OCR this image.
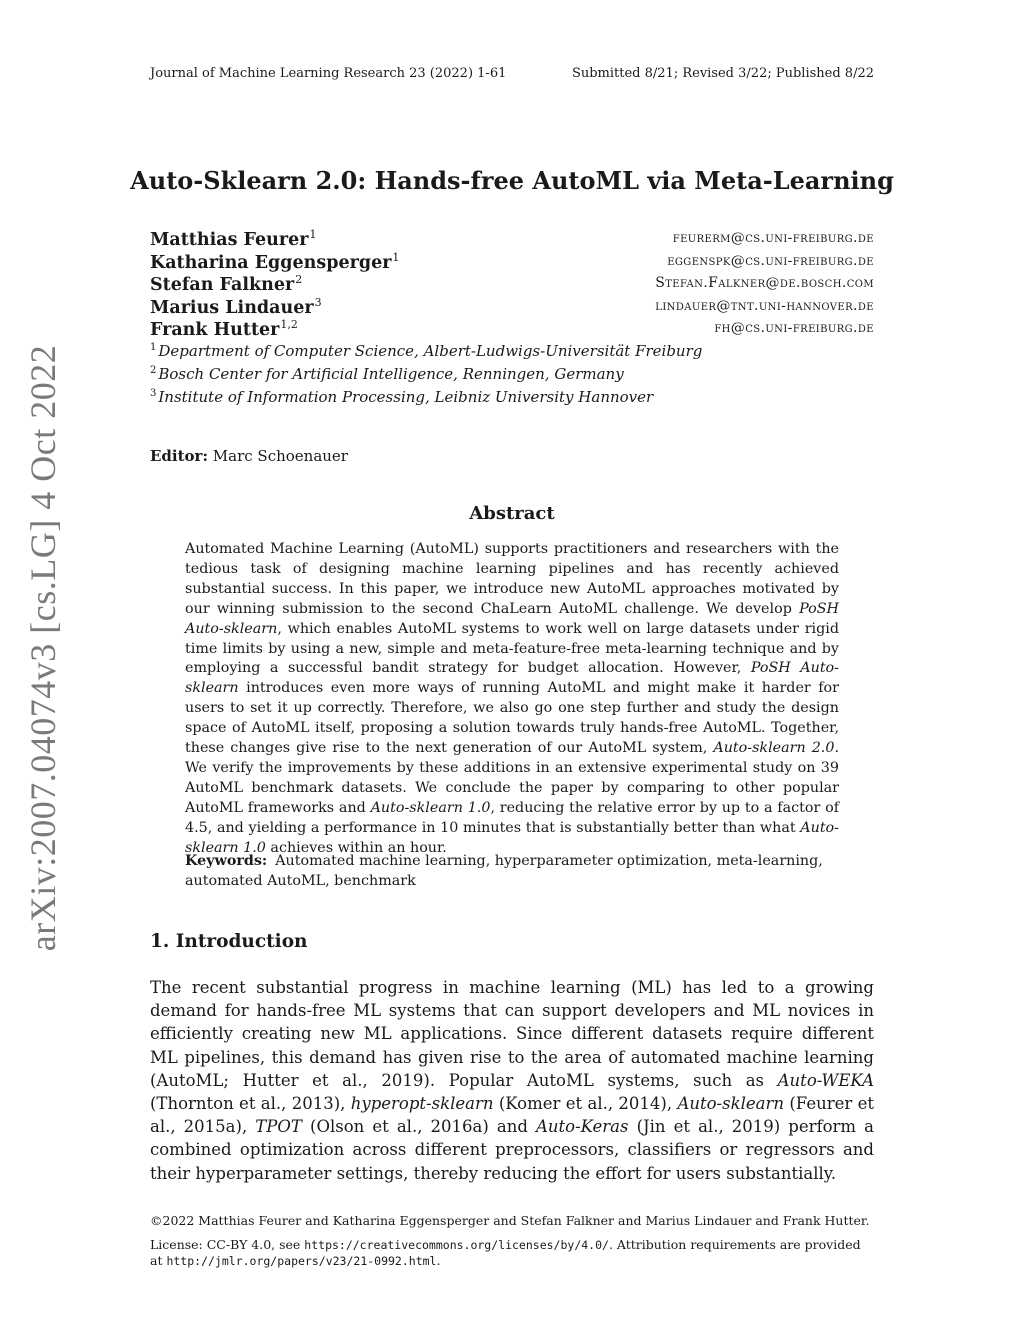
Journal of Machine Learning Research 23 (2022) 1-61	Submitted 8/21; Revised 3/22; Published 8/22
Auto-Sklearn 2.0: Hands-free AutoML via Meta-Learning
Matthias Feurer$^1$	feurerm@cs.uni-freiburg.de
Katharina Eggensperger$^1$	eggenspk@cs.uni-freiburg.de
Stefan Falkner$^2$	Stefan.Falkner@de.bosch.com
Marius Lindauer$^3$	lindauer@tnt.uni-hannover.de
Frank Hutter$^{1,2}$	fh@cs.uni-freiburg.de
$^1$ Department of Computer Science, Albert-Ludwigs-Universität Freiburg
$^2$ Bosch Center for Artificial Intelligence, Renningen, Germany
$^3$ Institute of Information Processing, Leibniz University Hannover
Editor: Marc Schoenauer
Abstract

Automated Machine Learning (AutoML) supports practitioners and researchers with the tedious task of designing machine learning pipelines and has recently achieved substantial success. In this paper, we introduce new AutoML approaches motivated by our winning submission to the second ChaLearn AutoML challenge. We develop PoSH Auto-sklearn, which enables AutoML systems to work well on large datasets under rigid time limits by using a new, simple and meta-feature-free meta-learning technique and by employing a successful bandit strategy for budget allocation. However, PoSH Auto-sklearn introduces even more ways of running AutoML and might make it harder for users to set it up correctly. Therefore, we also go one step further and study the design space of AutoML itself, proposing a solution towards truly hands-free AutoML. Together, these changes give rise to the next generation of our AutoML system, Auto-sklearn 2.0. We verify the improvements by these additions in an extensive experimental study on 39 AutoML benchmark datasets. We conclude the paper by comparing to other popular AutoML frameworks and Auto-sklearn 1.0, reducing the relative error by up to a factor of 4.5, and yielding a performance in 10 minutes that is substantially better than what Auto-sklearn 1.0 achieves within an hour.

Keywords: Automated machine learning, hyperparameter optimization, meta-learning, automated AutoML, benchmark
1. Introduction

The recent substantial progress in machine learning (ML) has led to a growing demand for hands-free ML systems that can support developers and ML novices in efficiently creating new ML applications. Since different datasets require different ML pipelines, this demand has given rise to the area of automated machine learning (AutoML; Hutter et al., 2019). Popular AutoML systems, such as Auto-WEKA (Thornton et al., 2013), hyperopt-sklearn (Komer et al., 2014), Auto-sklearn (Feurer et al., 2015a), TPOT (Olson et al., 2016a) and Auto-Keras (Jin et al., 2019) perform a combined optimization across different preprocessors, classifiers or regressors and their hyperparameter settings, thereby reducing the effort for users substantially.

©2022 Matthias Feurer and Katharina Eggensperger and Stefan Falkner and Marius Lindauer and Frank Hutter.
License: CC-BY 4.0, see https://creativecommons.org/licenses/by/4.0/. Attribution requirements are provided at http://jmlr.org/papers/v23/21-0992.html.
arXiv:2007.04074v3 [cs.LG] 4 Oct 2022
